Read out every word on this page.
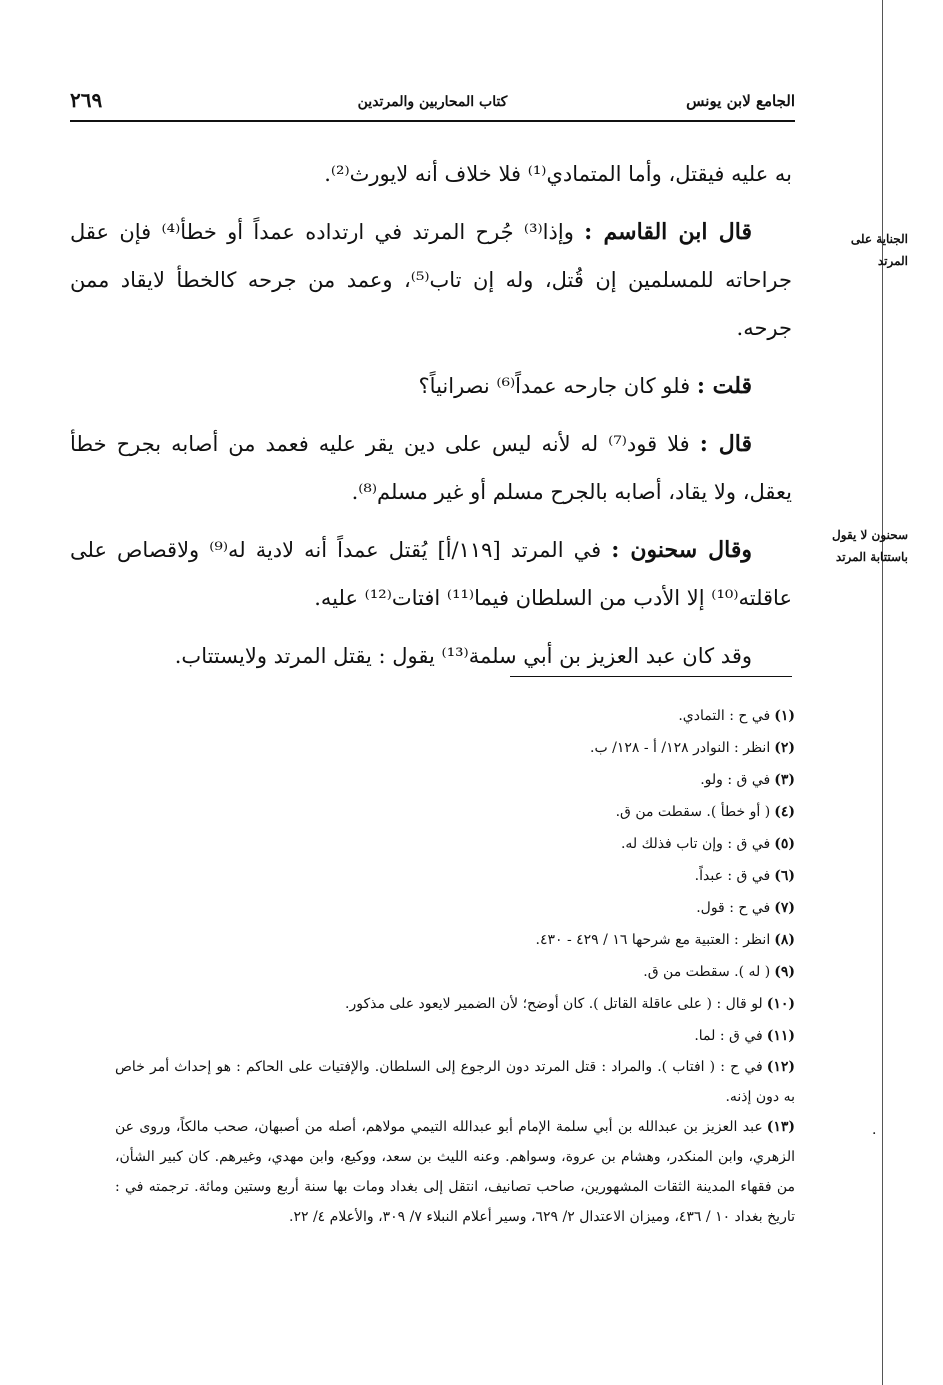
الجامع لابن يونس
كتاب المحاربين والمرتدين
٢٦٩
الجناية على المرتد
سحنون لا يقول باستتابة المرتد

به عليه فيقتل، وأما المتمادي⁽¹⁾ فلا خلاف أنه لايورث⁽²⁾.

قال ابن القاسم : وإذا⁽³⁾ جُرح المرتد في ارتداده عمداً أو خطأ⁽⁴⁾ فإن عقل جراحاته للمسلمين إن قُتل، وله إن تاب⁽⁵⁾، وعمد من جرحه كالخطأ لايقاد ممن جرحه.

قلت : فلو كان جارحه عمداً⁽⁶⁾ نصرانياً؟

قال : فلا قود⁽⁷⁾ له لأنه ليس على دين يقر عليه فعمد من أصابه بجرح خطأ يعقل، ولا يقاد، أصابه بالجرح مسلم أو غير مسلم⁽⁸⁾.

وقال سحنون : في المرتد [١١٩/أ] يُقتل عمداً أنه لادية له⁽⁹⁾ ولاقصاص على عاقلته⁽¹⁰⁾ إلا الأدب من السلطان فيما⁽¹¹⁾ افتات⁽¹²⁾ عليه.

وقد كان عبد العزيز بن أبي سلمة⁽¹³⁾ يقول : يقتل المرتد ولايستتاب.

(١)في ح : التمادي.

(٢)انظر : النوادر ١٢٨/ أ - ١٢٨/ ب.

(٣)في ق : ولو.

(٤)( أو خطأ ). سقطت من ق.

(٥)في ق : وإن تاب فذلك له.

(٦)في ق : عبداً.

(٧)في ح : قول.

(٨)انظر : العتبية مع شرحها ١٦ / ٤٢٩ - ٤٣٠.

(٩)( له ). سقطت من ق.

(١٠)لو قال : ( على عاقلة القاتل ). كان أوضح؛ لأن الضمير لايعود على مذكور.

(١١)في ق : لما.

(١٢)في ح : ( افتاب ). والمراد : قتل المرتد دون الرجوع إلى السلطان. والإفتيات على الحاكم : هو إحداث أمر خاص به دون إذنه.

(١٣)عبد العزيز بن عبدالله بن أبي سلمة الإمام أبو عبدالله التيمي مولاهم، أصله من أصبهان، صحب مالكاً، وروى عن الزهري، وابن المنكدر، وهشام بن عروة، وسواهم. وعنه الليث بن سعد، ووكيع، وابن مهدي، وغيرهم. كان كبير الشأن، من فقهاء المدينة الثقات المشهورين، صاحب تصانيف، انتقل إلى بغداد ومات بها سنة أربع وستين ومائة. ترجمته في : تاريخ بغداد ١٠ / ٤٣٦، وميزان الاعتدال ٢/ ٦٢٩، وسير أعلام النبلاء ٧/ ٣٠٩، والأعلام ٤/ ٢٢.

·
